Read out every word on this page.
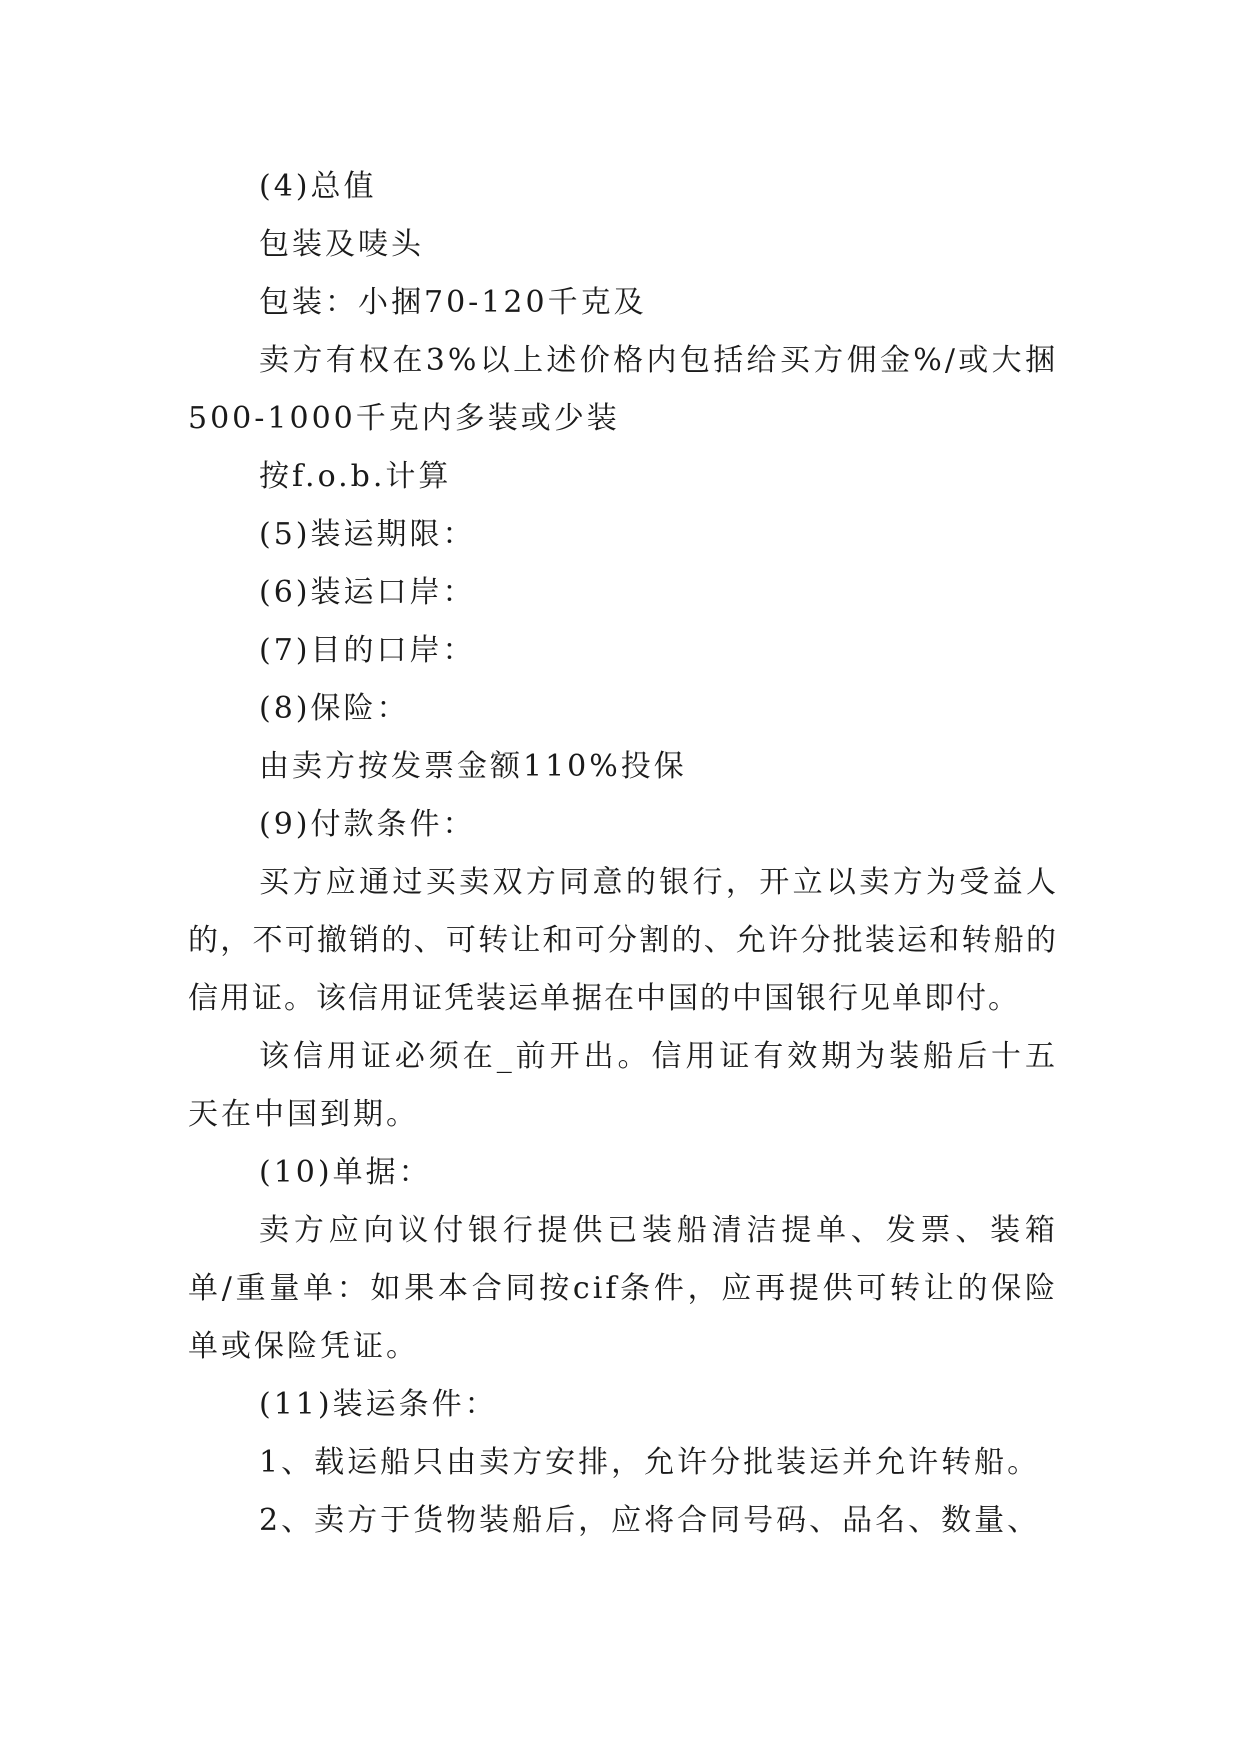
(4)总值

包装及唛头

包装：小捆70-120千克及

卖方有权在3%以上述价格内包括给买方佣金%/或大捆500-1000千克内多装或少装

按f.o.b.计算

(5)装运期限：

(6)装运口岸：

(7)目的口岸：

(8)保险：

由卖方按发票金额110%投保

(9)付款条件：

买方应通过买卖双方同意的银行，开立以卖方为受益人的，不可撤销的、可转让和可分割的、允许分批装运和转船的信用证。该信用证凭装运单据在中国的中国银行见单即付。

该信用证必须在_前开出。信用证有效期为装船后十五天在中国到期。

(10)单据：

卖方应向议付银行提供已装船清洁提单、发票、装箱单/重量单：如果本合同按cif条件，应再提供可转让的保险单或保险凭证。

(11)装运条件：

1、载运船只由卖方安排，允许分批装运并允许转船。

2、卖方于货物装船后，应将合同号码、品名、数量、
